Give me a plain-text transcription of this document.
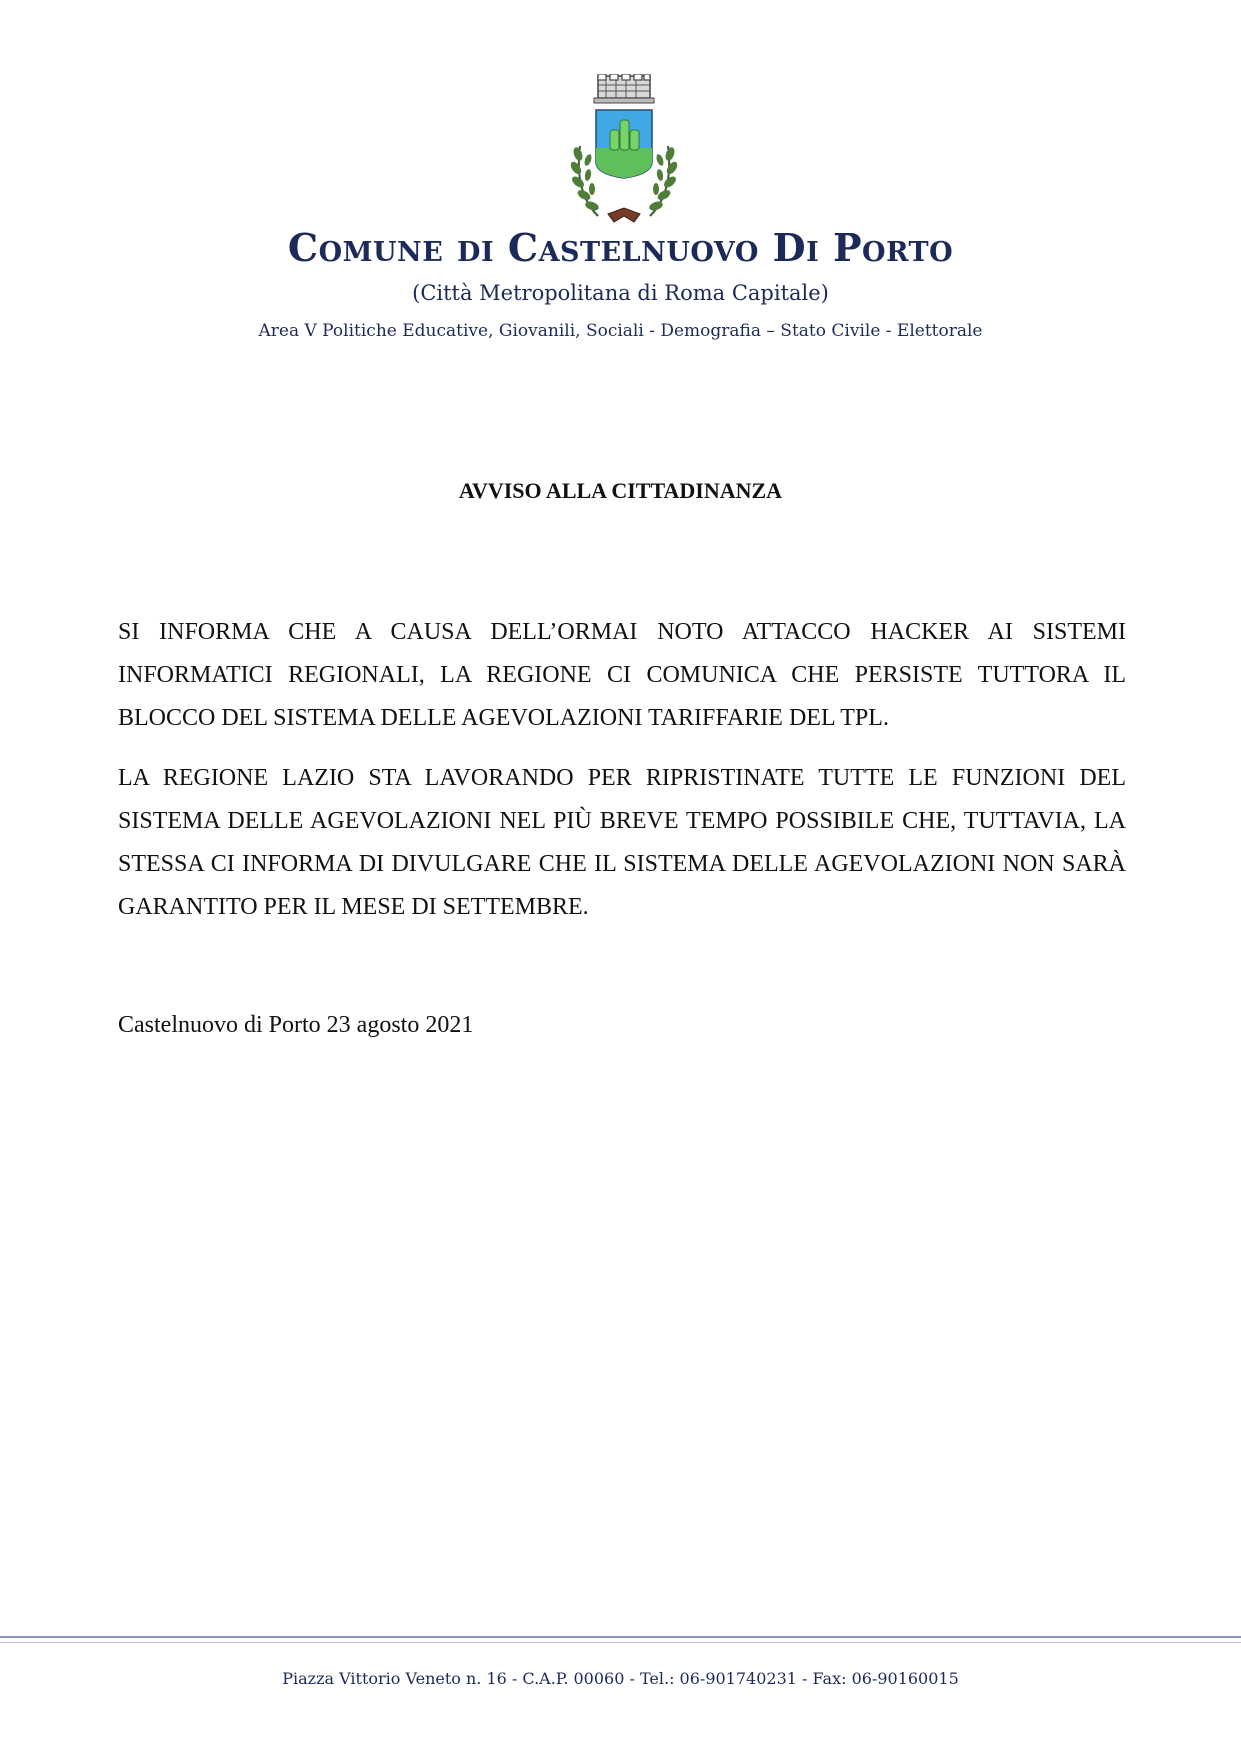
Comune di Castelnuovo Di Porto
(Città Metropolitana di Roma Capitale)
Area V Politiche Educative, Giovanili, Sociali - Demografia – Stato Civile - Elettorale
AVVISO ALLA CITTADINANZA

SI INFORMA CHE A CAUSA DELL’ORMAI NOTO ATTACCO HACKER AI SISTEMI INFORMATICI REGIONALI, LA REGIONE CI COMUNICA CHE PERSISTE TUTTORA IL BLOCCO DEL SISTEMA DELLE AGEVOLAZIONI TARIFFARIE DEL TPL.

LA REGIONE LAZIO STA LAVORANDO PER RIPRISTINATE TUTTE LE FUNZIONI DEL SISTEMA DELLE AGEVOLAZIONI NEL PIÙ BREVE TEMPO POSSIBILE CHE, TUTTAVIA, LA STESSA CI INFORMA DI DIVULGARE CHE IL SISTEMA DELLE AGEVOLAZIONI NON SARÀ GARANTITO PER IL MESE DI SETTEMBRE.

Castelnuovo di Porto 23 agosto 2021
Piazza Vittorio Veneto n. 16 - C.A.P. 00060 - Tel.: 06-901740231 - Fax: 06-90160015
